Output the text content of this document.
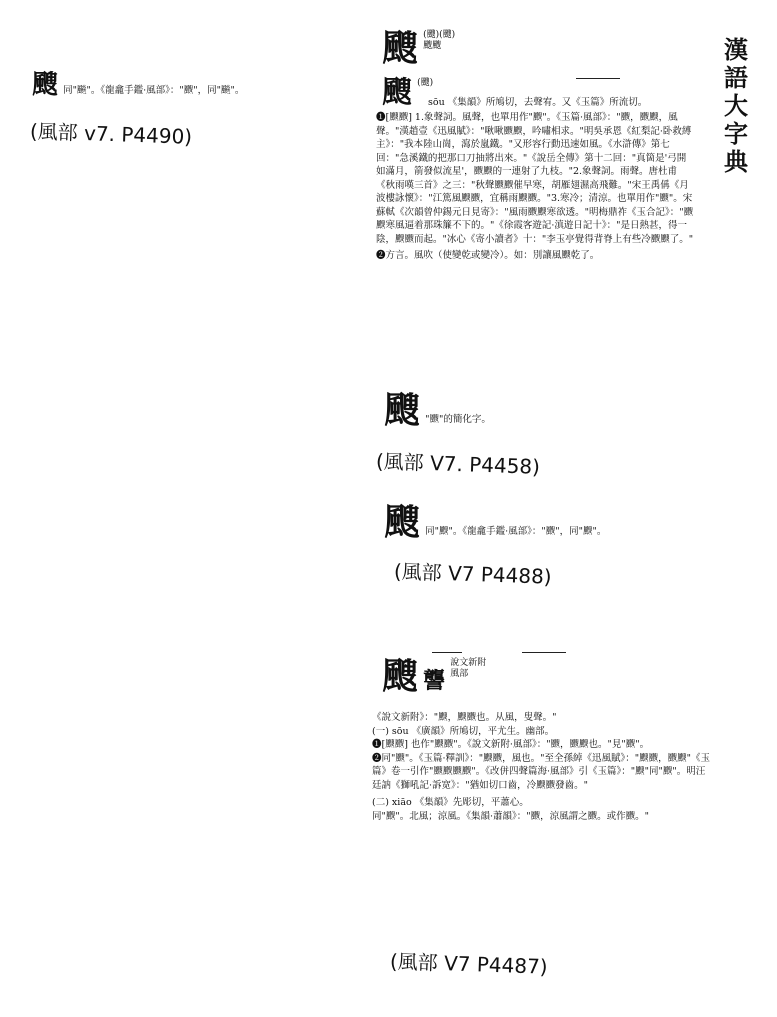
漢語大字典
颼 同"飈"。《龍龕手鑑·風部》："颼"，同"飈"。
(風部 v7. P4490)
颼 (颼)(颼)
颼颼
颼 $^{(颼)}$
sōu 《集韻》所鳩切，去聲宥。又《玉篇》所流切。
❶[颼颼] 1.象聲詞。風聲，也單用作"颼"。《玉篇·風部》："颼，颼颼，風聲。"漢趙壹《迅風賦》："啾啾颼颼，吟嘯相求。"明吳承恩《紅梨記·卧救縛主》："我本陸山崗，瀉於嵐鐵。"又形容行動迅速如風。《水滸傳》第七回："急溪鐵的把那口刀抽將出來。"《說岳全傳》第十二回："真箇是'弓開如滿月，箭發似流星'，颼颼的一連射了九枝。"2.象聲詞。雨聲。唐杜甫《秋雨嘆三首》之三："秋聲颼颼催早寒，胡雁翅濕高飛難。"宋王禹偁《月波樓詠懷》："江篤風颼颼，宜稱雨颼颼。"3.寒冷；清涼。也單用作"颼"。宋蘇軾《次韻曾仲錫元日見寄》："風雨颼颼寒欲透。"明梅鼎祚《玉合記》："颼颼寒風逼着那珠簾不下的。"《徐霞客遊記·滇遊日記十》："是日熱甚，得一陰，颼颼而起。"冰心《寄小讀者》十："李玉亭覺得背脊上有些冷颼颼了。"
❷方言。風吹（使變乾或變冷）。如：別讓風颼乾了。
颼 "颼"的簡化字。
(風部 V7. P4458)
颼 同"颼"。《龍龕手鑑·風部》："颼"，同"颼"。
(風部 V7 P4488)
颼 讋 說文新附
風部
《說文新附》："颼，颼颼也。从風，叟聲。"
(一) sōu 《廣韻》所鳩切，平尤生。幽部。
❶[颼颼] 也作"颼颼"。《說文新附·風部》："颼，颼颼也。"見"颼"。
❷同"颼"。《玉篇·釋訓》："颼颼，風也。"至全孫綽《迅風賦》："颼颼，颼颼"《玉篇》卷一引作"颼颼颼颼"。《改併四聲篇海·風部》引《玉篇》："颼"同"颼"。明汪廷訥《獅吼記·訴宽》："猶如切口齒，冷颼颼發齒。"
(二) xiāo 《集韻》先彫切，平蕭心。
同"颼"。北風；涼風。《集韻·蕭韻》："颼，涼風謂之颼。或作颼。"
(風部 V7 P4487)
